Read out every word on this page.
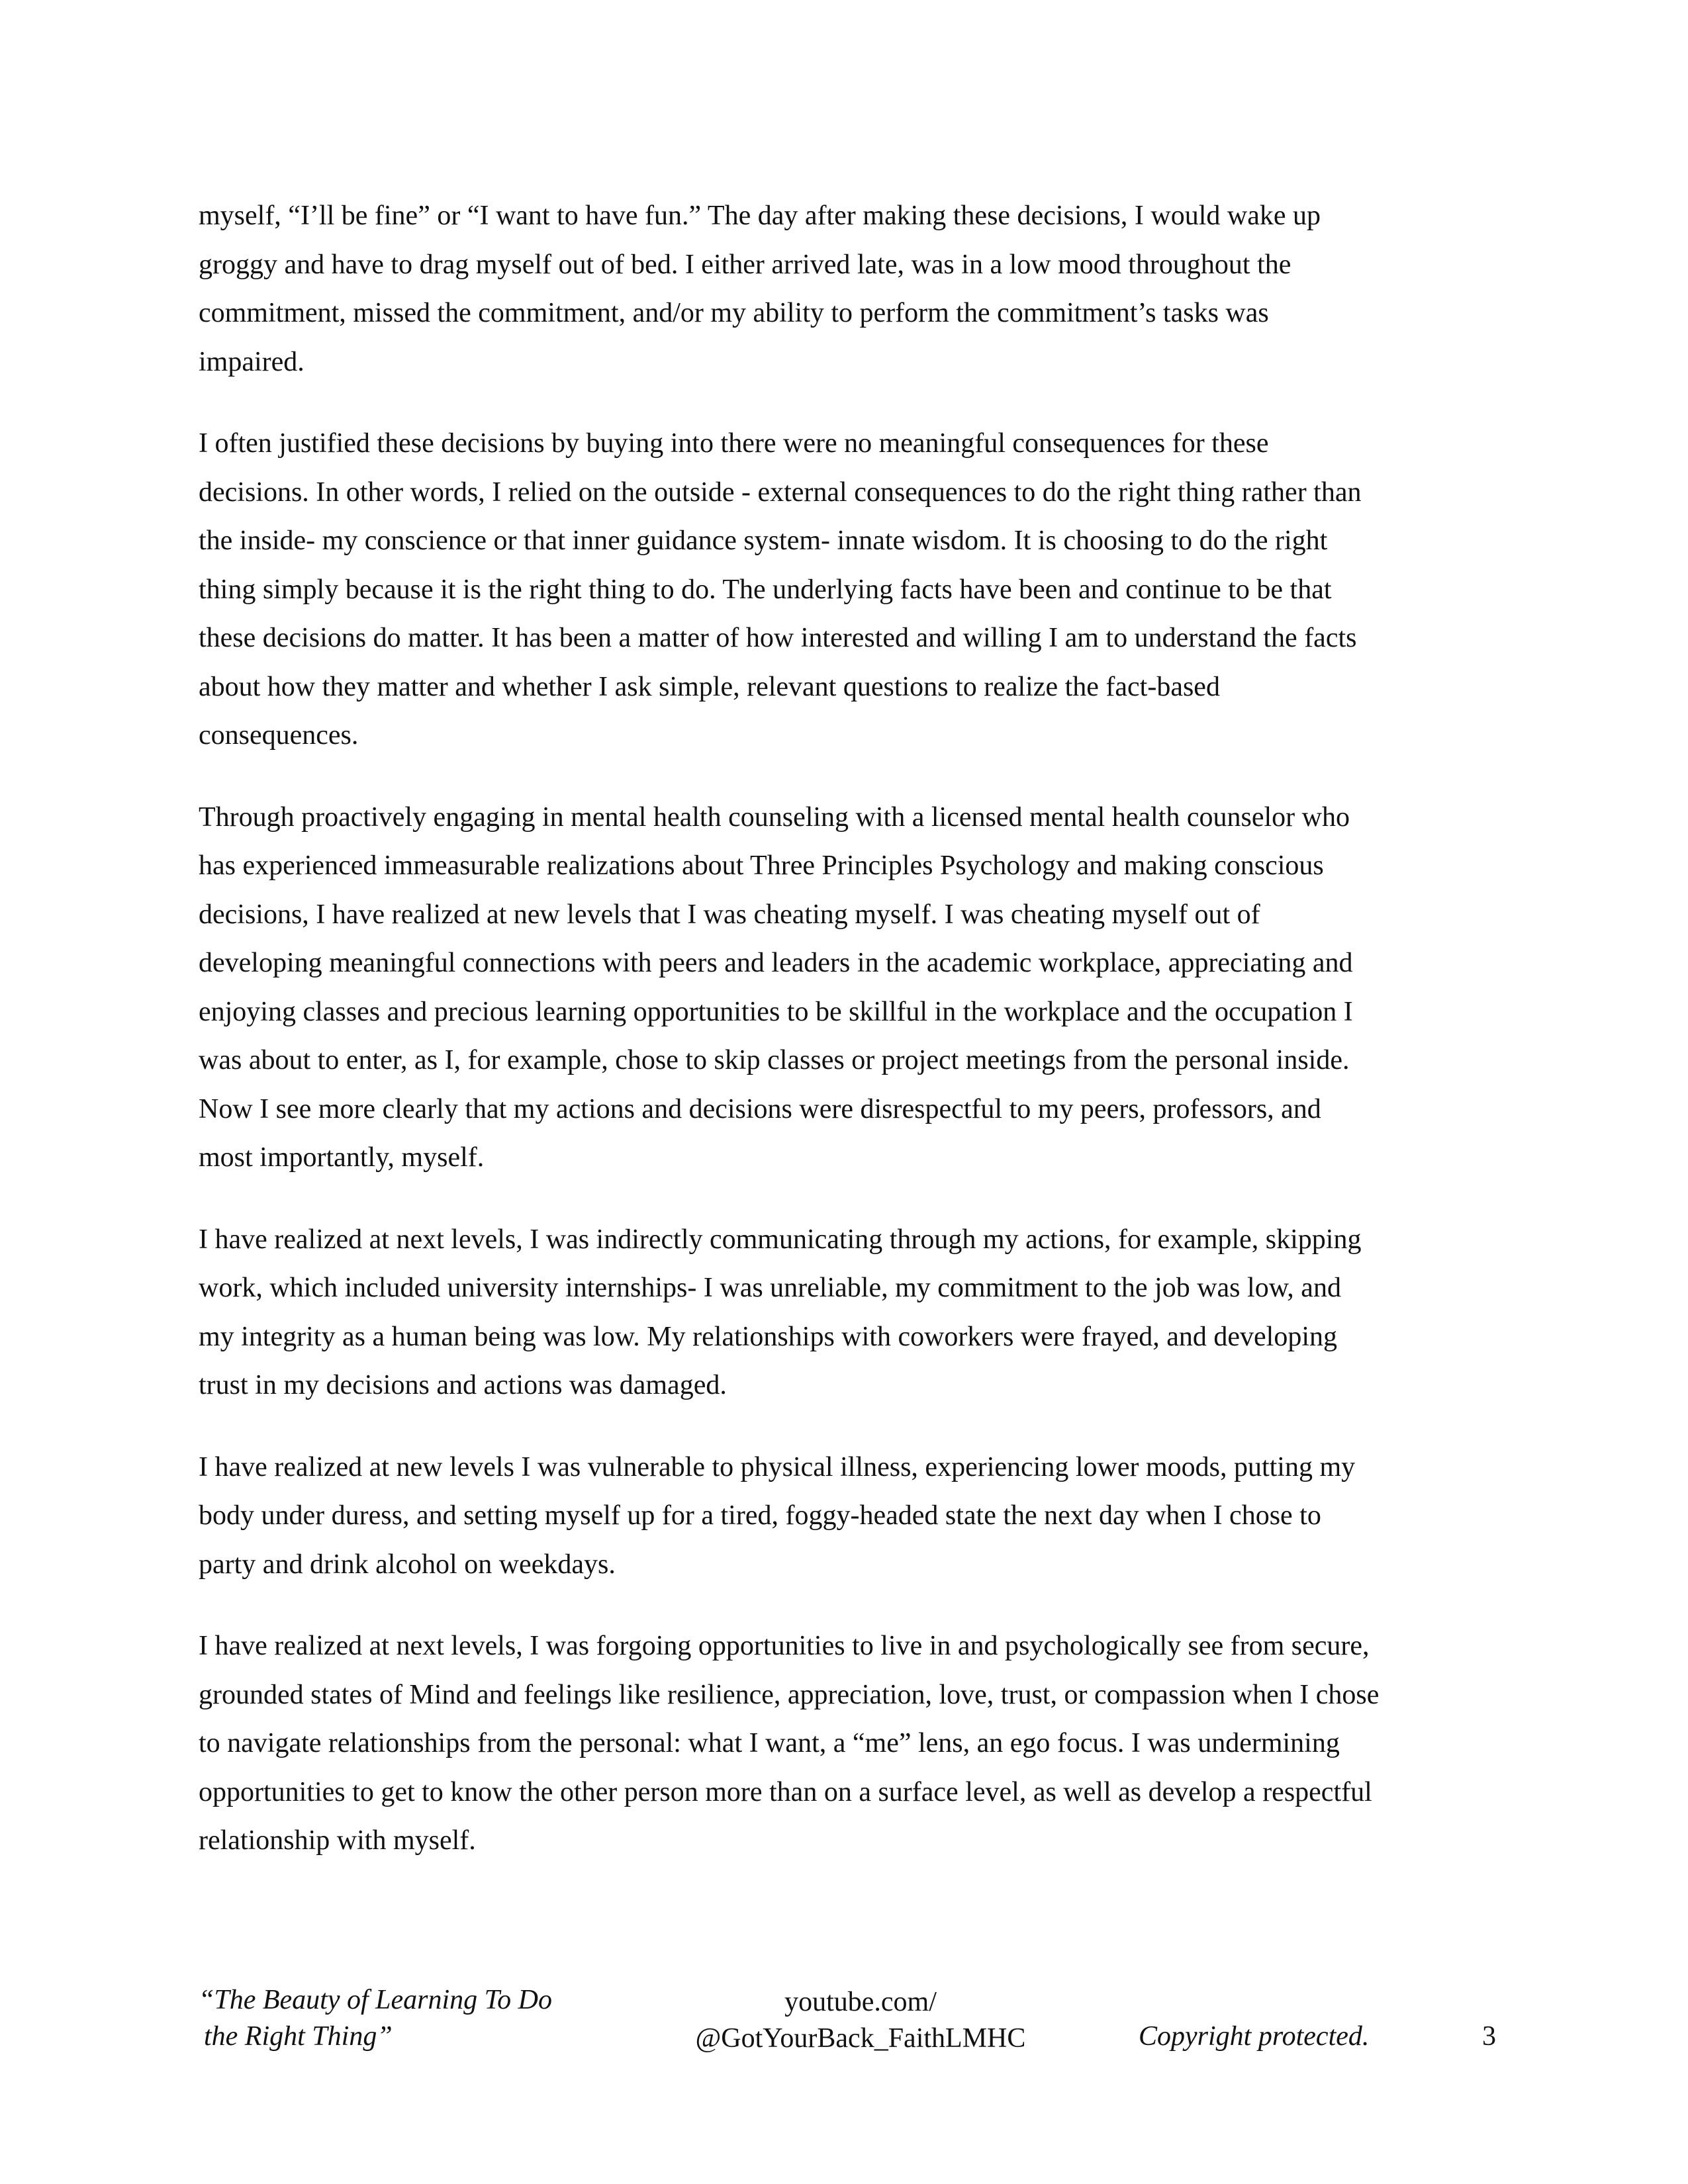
myself, “I’ll be fine” or “I want to have fun.” The day after making these decisions, I would wake up
groggy and have to drag myself out of bed. I either arrived late, was in a low mood throughout the
commitment, missed the commitment, and/or my ability to perform the commitment’s tasks was
impaired.

I often justified these decisions by buying into there were no meaningful consequences for these
decisions. In other words, I relied on the outside - external consequences to do the right thing rather than
the inside- my conscience or that inner guidance system- innate wisdom. It is choosing to do the right
thing simply because it is the right thing to do. The underlying facts have been and continue to be that
these decisions do matter. It has been a matter of how interested and willing I am to understand the facts
about how they matter and whether I ask simple, relevant questions to realize the fact-based
consequences.

Through proactively engaging in mental health counseling with a licensed mental health counselor who
has experienced immeasurable realizations about Three Principles Psychology and making conscious
decisions, I have realized at new levels that I was cheating myself. I was cheating myself out of
developing meaningful connections with peers and leaders in the academic workplace, appreciating and
enjoying classes and precious learning opportunities to be skillful in the workplace and the occupation I
was about to enter, as I, for example, chose to skip classes or project meetings from the personal inside.
Now I see more clearly that my actions and decisions were disrespectful to my peers, professors, and
most importantly, myself.

I have realized at next levels, I was indirectly communicating through my actions, for example, skipping
work, which included university internships- I was unreliable, my commitment to the job was low, and
my integrity as a human being was low. My relationships with coworkers were frayed, and developing
trust in my decisions and actions was damaged.

I have realized at new levels I was vulnerable to physical illness, experiencing lower moods, putting my
body under duress, and setting myself up for a tired, foggy-headed state the next day when I chose to
party and drink alcohol on weekdays.

I have realized at next levels, I was forgoing opportunities to live in and psychologically see from secure,
grounded states of Mind and feelings like resilience, appreciation, love, trust, or compassion when I chose
to navigate relationships from the personal: what I want, a “me” lens, an ego focus. I was undermining
opportunities to get to know the other person more than on a surface level, as well as develop a respectful
relationship with myself.

“The Beauty of Learning To Do
the Right Thing”
youtube.com/
@GotYourBack_FaithLMHC	Copyright protected.	3
